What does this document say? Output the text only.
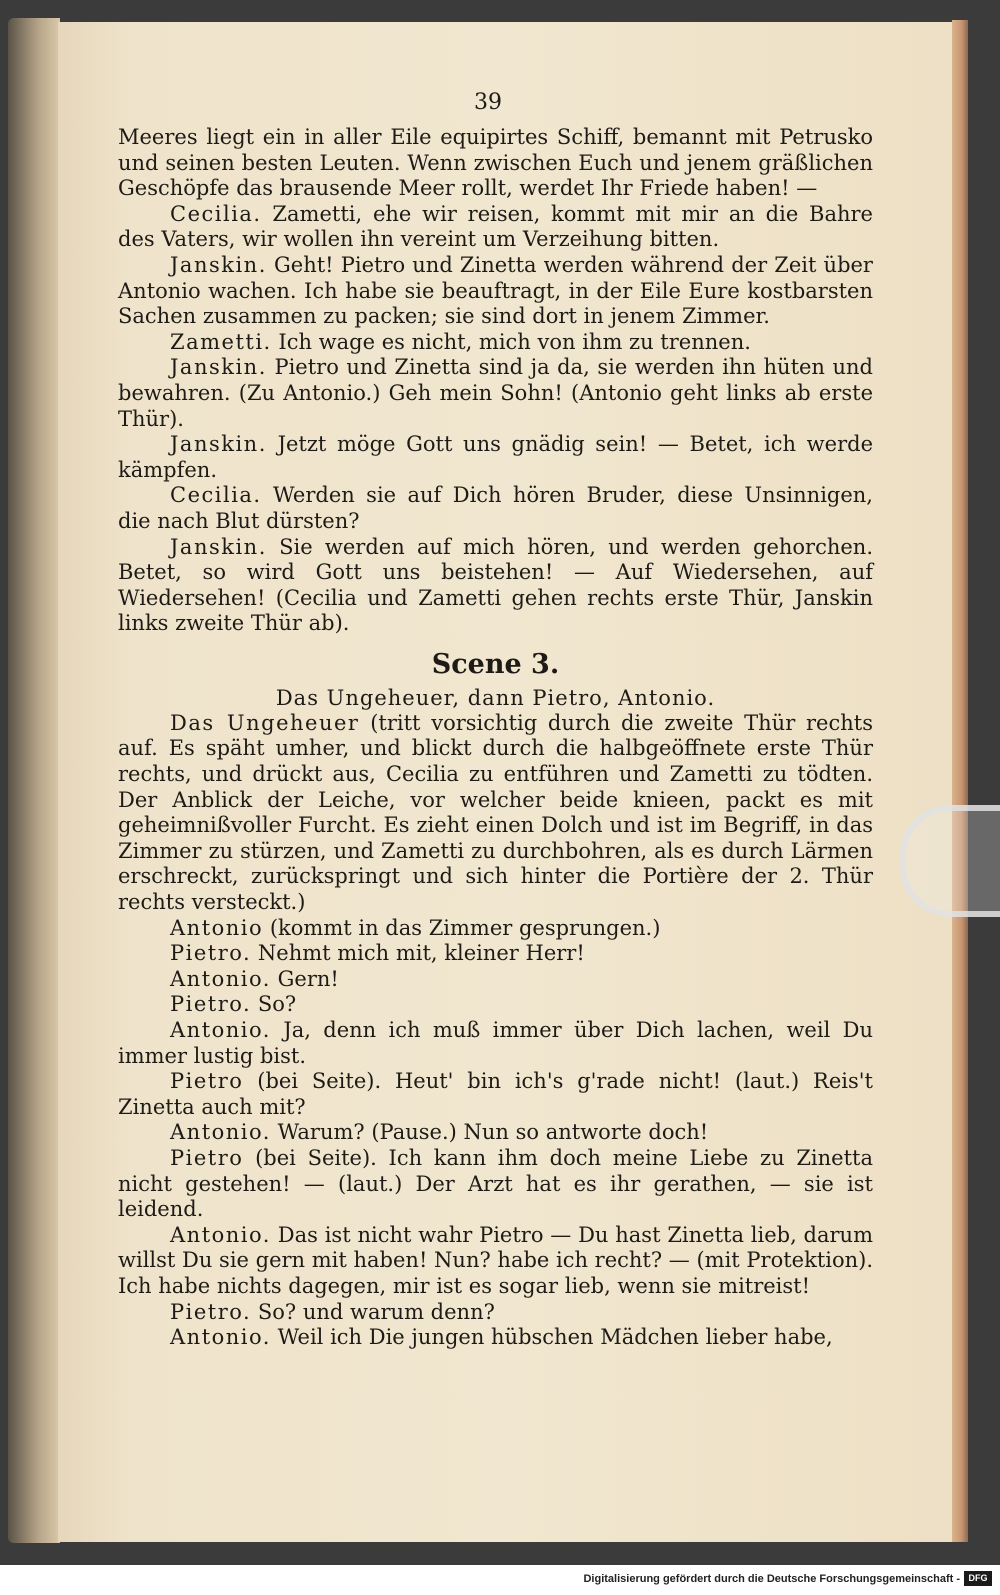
39

Meeres liegt ein in aller Eile equipirtes Schiff, bemannt mit Petrusko und seinen besten Leuten. Wenn zwischen Euch und jenem gräßlichen Geschöpfe das brausende Meer rollt, werdet Ihr Friede haben! —

Cecilia. Zametti, ehe wir reisen, kommt mit mir an die Bahre des Vaters, wir wollen ihn vereint um Verzeihung bitten.

Janskin. Geht! Pietro und Zinetta werden während der Zeit über Antonio wachen. Ich habe sie beauftragt, in der Eile Eure kostbarsten Sachen zusammen zu packen; sie sind dort in jenem Zimmer.

Zametti. Ich wage es nicht, mich von ihm zu trennen.

Janskin. Pietro und Zinetta sind ja da, sie werden ihn hüten und bewahren. (Zu Antonio.) Geh mein Sohn! (Antonio geht links ab erste Thür).

Janskin. Jetzt möge Gott uns gnädig sein! — Betet, ich werde kämpfen.

Cecilia. Werden sie auf Dich hören Bruder, diese Unsinnigen, die nach Blut dürsten?

Janskin. Sie werden auf mich hören, und werden gehorchen. Betet, so wird Gott uns beistehen! — Auf Wiedersehen, auf Wiedersehen! (Cecilia und Zametti gehen rechts erste Thür, Janskin links zweite Thür ab).

Scene 3.
Das Ungeheuer, dann Pietro, Antonio.

Das Ungeheuer (tritt vorsichtig durch die zweite Thür rechts auf. Es späht umher, und blickt durch die halbgeöffnete erste Thür rechts, und drückt aus, Cecilia zu entführen und Zametti zu tödten. Der Anblick der Leiche, vor welcher beide knieen, packt es mit geheimnißvoller Furcht. Es zieht einen Dolch und ist im Begriff, in das Zimmer zu stürzen, und Zametti zu durchbohren, als es durch Lärmen erschreckt, zurückspringt und sich hinter die Portière der 2. Thür rechts versteckt.)

Antonio (kommt in das Zimmer gesprungen.)

Pietro. Nehmt mich mit, kleiner Herr!

Antonio. Gern!

Pietro. So?

Antonio. Ja, denn ich muß immer über Dich lachen, weil Du immer lustig bist.

Pietro (bei Seite). Heut' bin ich's g'rade nicht! (laut.) Reis't Zinetta auch mit?

Antonio. Warum? (Pause.) Nun so antworte doch!

Pietro (bei Seite). Ich kann ihm doch meine Liebe zu Zinetta nicht gestehen! — (laut.) Der Arzt hat es ihr gerathen, — sie ist leidend.

Antonio. Das ist nicht wahr Pietro — Du hast Zinetta lieb, darum willst Du sie gern mit haben! Nun? habe ich recht? — (mit Protektion). Ich habe nichts dagegen, mir ist es sogar lieb, wenn sie mitreist!

Pietro. So? und warum denn?

Antonio. Weil ich Die jungen hübschen Mädchen lieber habe,

Digitalisierung gefördert durch die Deutsche Forschungsgemeinschaft - DFG
